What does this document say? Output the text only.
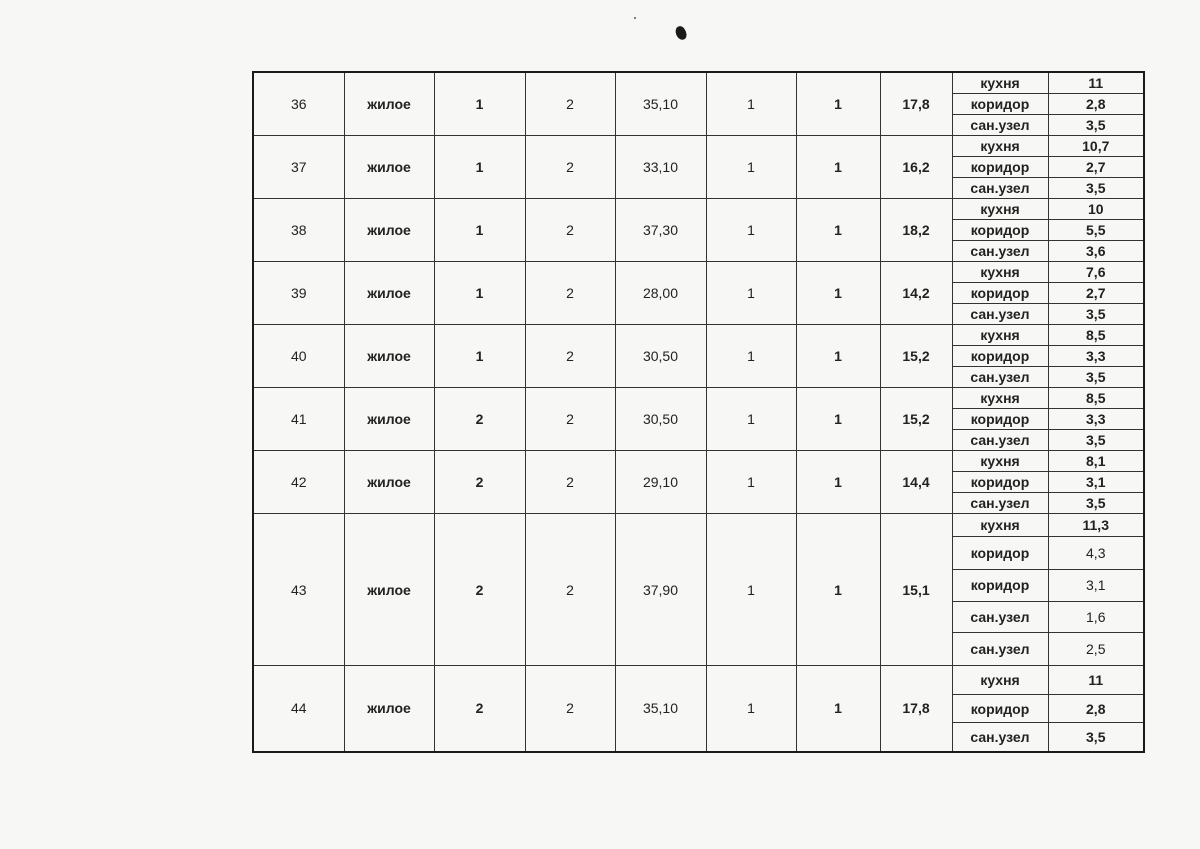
36	жилое	1	2	35,10	1	1	17,8	кухня	11
								коридор	2,8
								сан.узел	3,5
37	жилое	1	2	33,10	1	1	16,2	кухня	10,7
								коридор	2,7
								сан.узел	3,5
38	жилое	1	2	37,30	1	1	18,2	кухня	10
								коридор	5,5
								сан.узел	3,6
39	жилое	1	2	28,00	1	1	14,2	кухня	7,6
								коридор	2,7
								сан.узел	3,5
40	жилое	1	2	30,50	1	1	15,2	кухня	8,5
								коридор	3,3
								сан.узел	3,5
41	жилое	2	2	30,50	1	1	15,2	кухня	8,5
								коридор	3,3
								сан.узел	3,5
42	жилое	2	2	29,10	1	1	14,4	кухня	8,1
								коридор	3,1
								сан.узел	3,5
43	жилое	2	2	37,90	1	1	15,1	кухня	11,3
								коридор	4,3
								коридор	3,1
								сан.узел	1,6
								сан.узел	2,5
44	жилое	2	2	35,10	1	1	17,8	кухня	11
								коридор	2,8
								сан.узел	3,5
